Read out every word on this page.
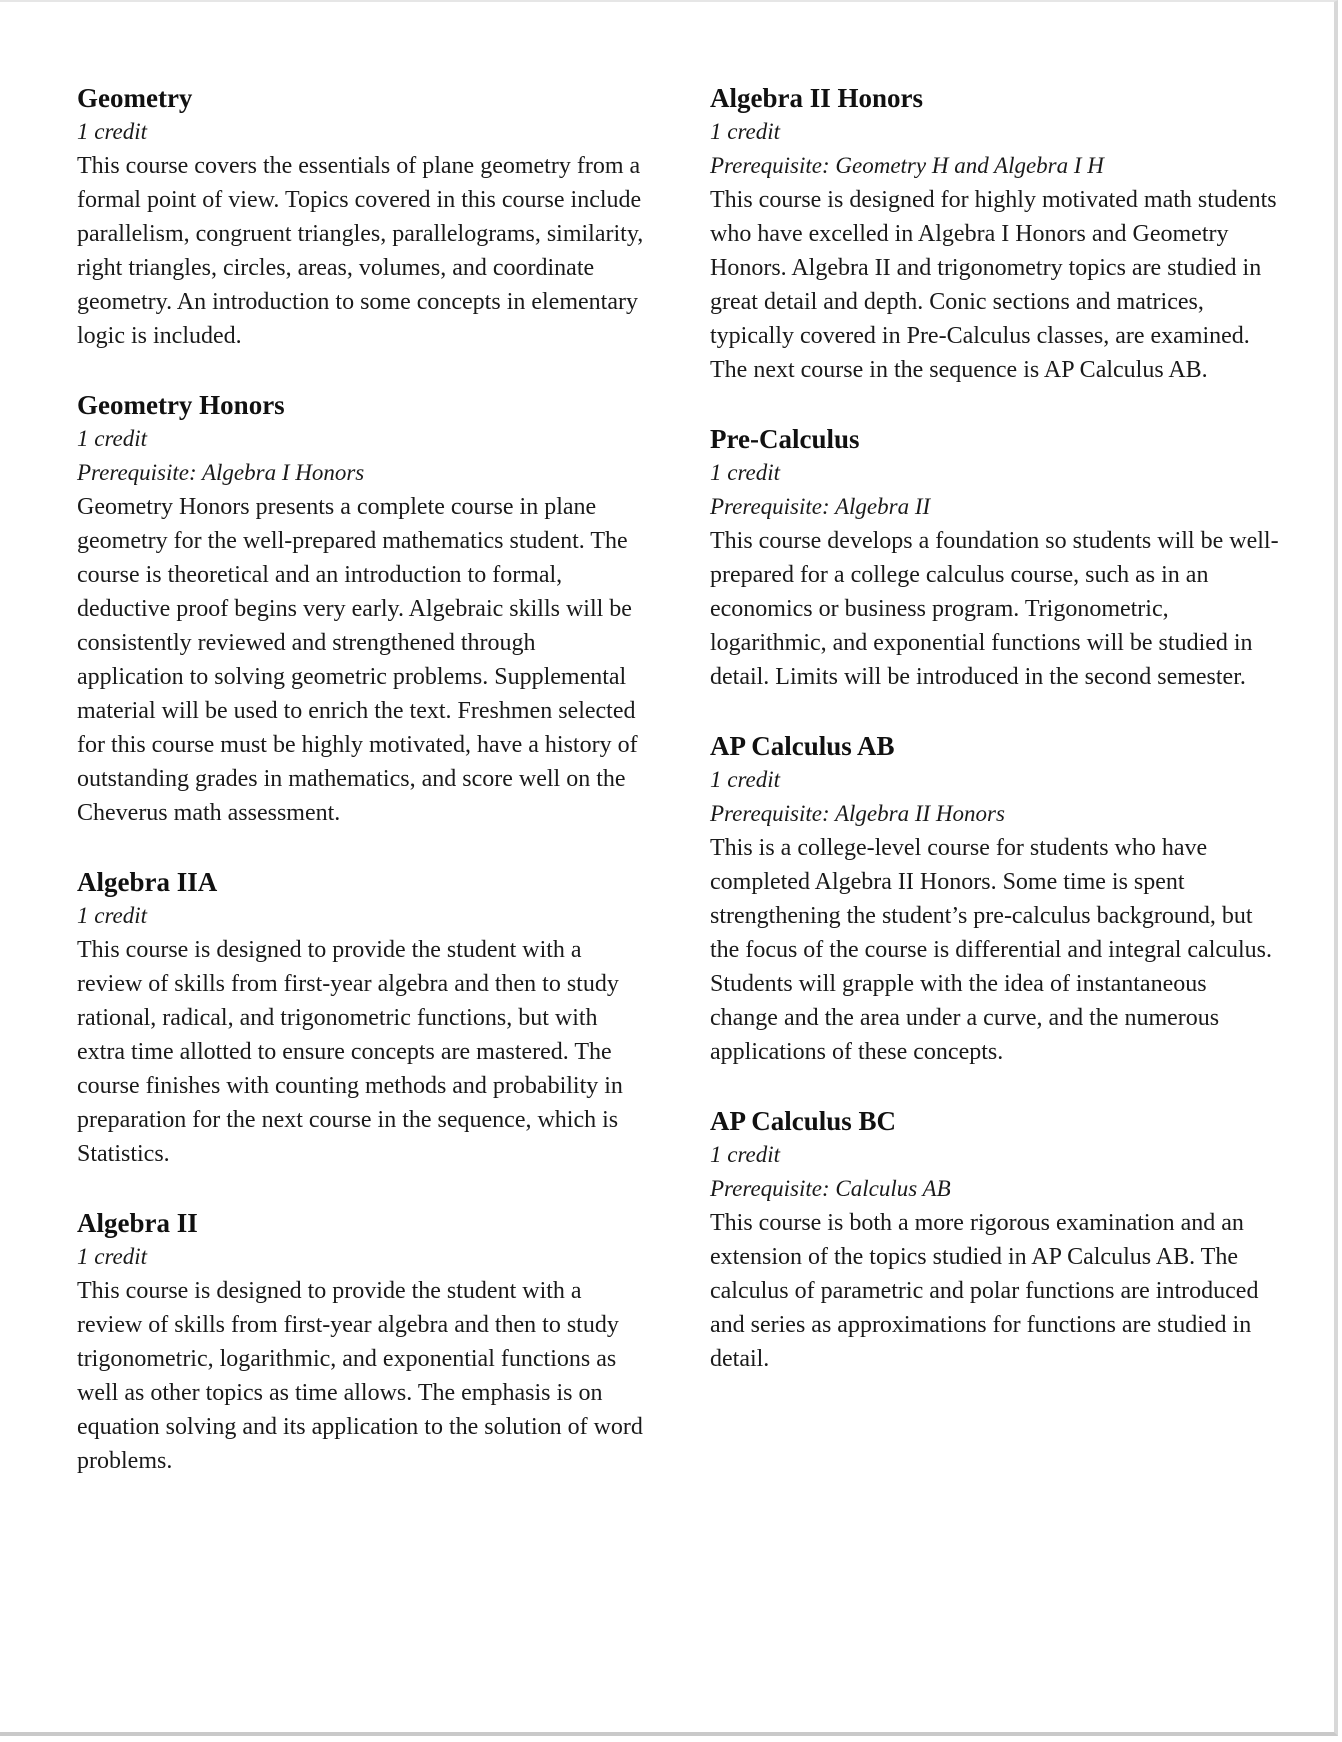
Geometry

1 credit

This course covers the essentials of plane geometry from a formal point of view. Topics covered in this course include parallelism, congruent triangles, parallelograms, similarity, right triangles, circles, areas, volumes, and coordinate geometry. An introduction to some concepts in elementary logic is included.

Geometry Honors

1 credit

Prerequisite: Algebra I Honors

Geometry Honors presents a complete course in plane geometry for the well-prepared mathematics student. The course is theoretical and an introduction to formal, deductive proof begins very early. Algebraic skills will be consistently reviewed and strengthened through application to solving geometric problems. Supplemental material will be used to enrich the text. Freshmen selected for this course must be highly motivated, have a history of outstanding grades in mathematics, and score well on the Cheverus math assessment.

Algebra IIA

1 credit

This course is designed to provide the student with a review of skills from first-year algebra and then to study rational, radical, and trigonometric functions, but with extra time allotted to ensure concepts are mastered. The course finishes with counting methods and probability in preparation for the next course in the sequence, which is Statistics.

Algebra II

1 credit

This course is designed to provide the student with a review of skills from first-year algebra and then to study trigonometric, logarithmic, and exponential functions as well as other topics as time allows. The emphasis is on equation solving and its application to the solution of word problems.

Algebra II Honors

1 credit

Prerequisite: Geometry H and Algebra I H

This course is designed for highly motivated math students who have excelled in Algebra I Honors and Geometry Honors. Algebra II and trigonometry topics are studied in great detail and depth. Conic sections and matrices, typically covered in Pre-Calculus classes, are examined. The next course in the sequence is AP Calculus AB.

Pre-Calculus

1 credit

Prerequisite: Algebra II

This course develops a foundation so students will be well-prepared for a college calculus course, such as in an economics or business program. Trigonometric, logarithmic, and exponential functions will be studied in detail. Limits will be introduced in the second semester.

AP Calculus AB

1 credit

Prerequisite: Algebra II Honors

This is a college-level course for students who have completed Algebra II Honors. Some time is spent strengthening the student’s pre-calculus background, but the focus of the course is differential and integral calculus. Students will grapple with the idea of instantaneous change and the area under a curve, and the numerous applications of these concepts.

AP Calculus BC

1 credit

Prerequisite: Calculus AB

This course is both a more rigorous examination and an extension of the topics studied in AP Calculus AB. The calculus of parametric and polar functions are introduced and series as approximations for functions are studied in detail.
